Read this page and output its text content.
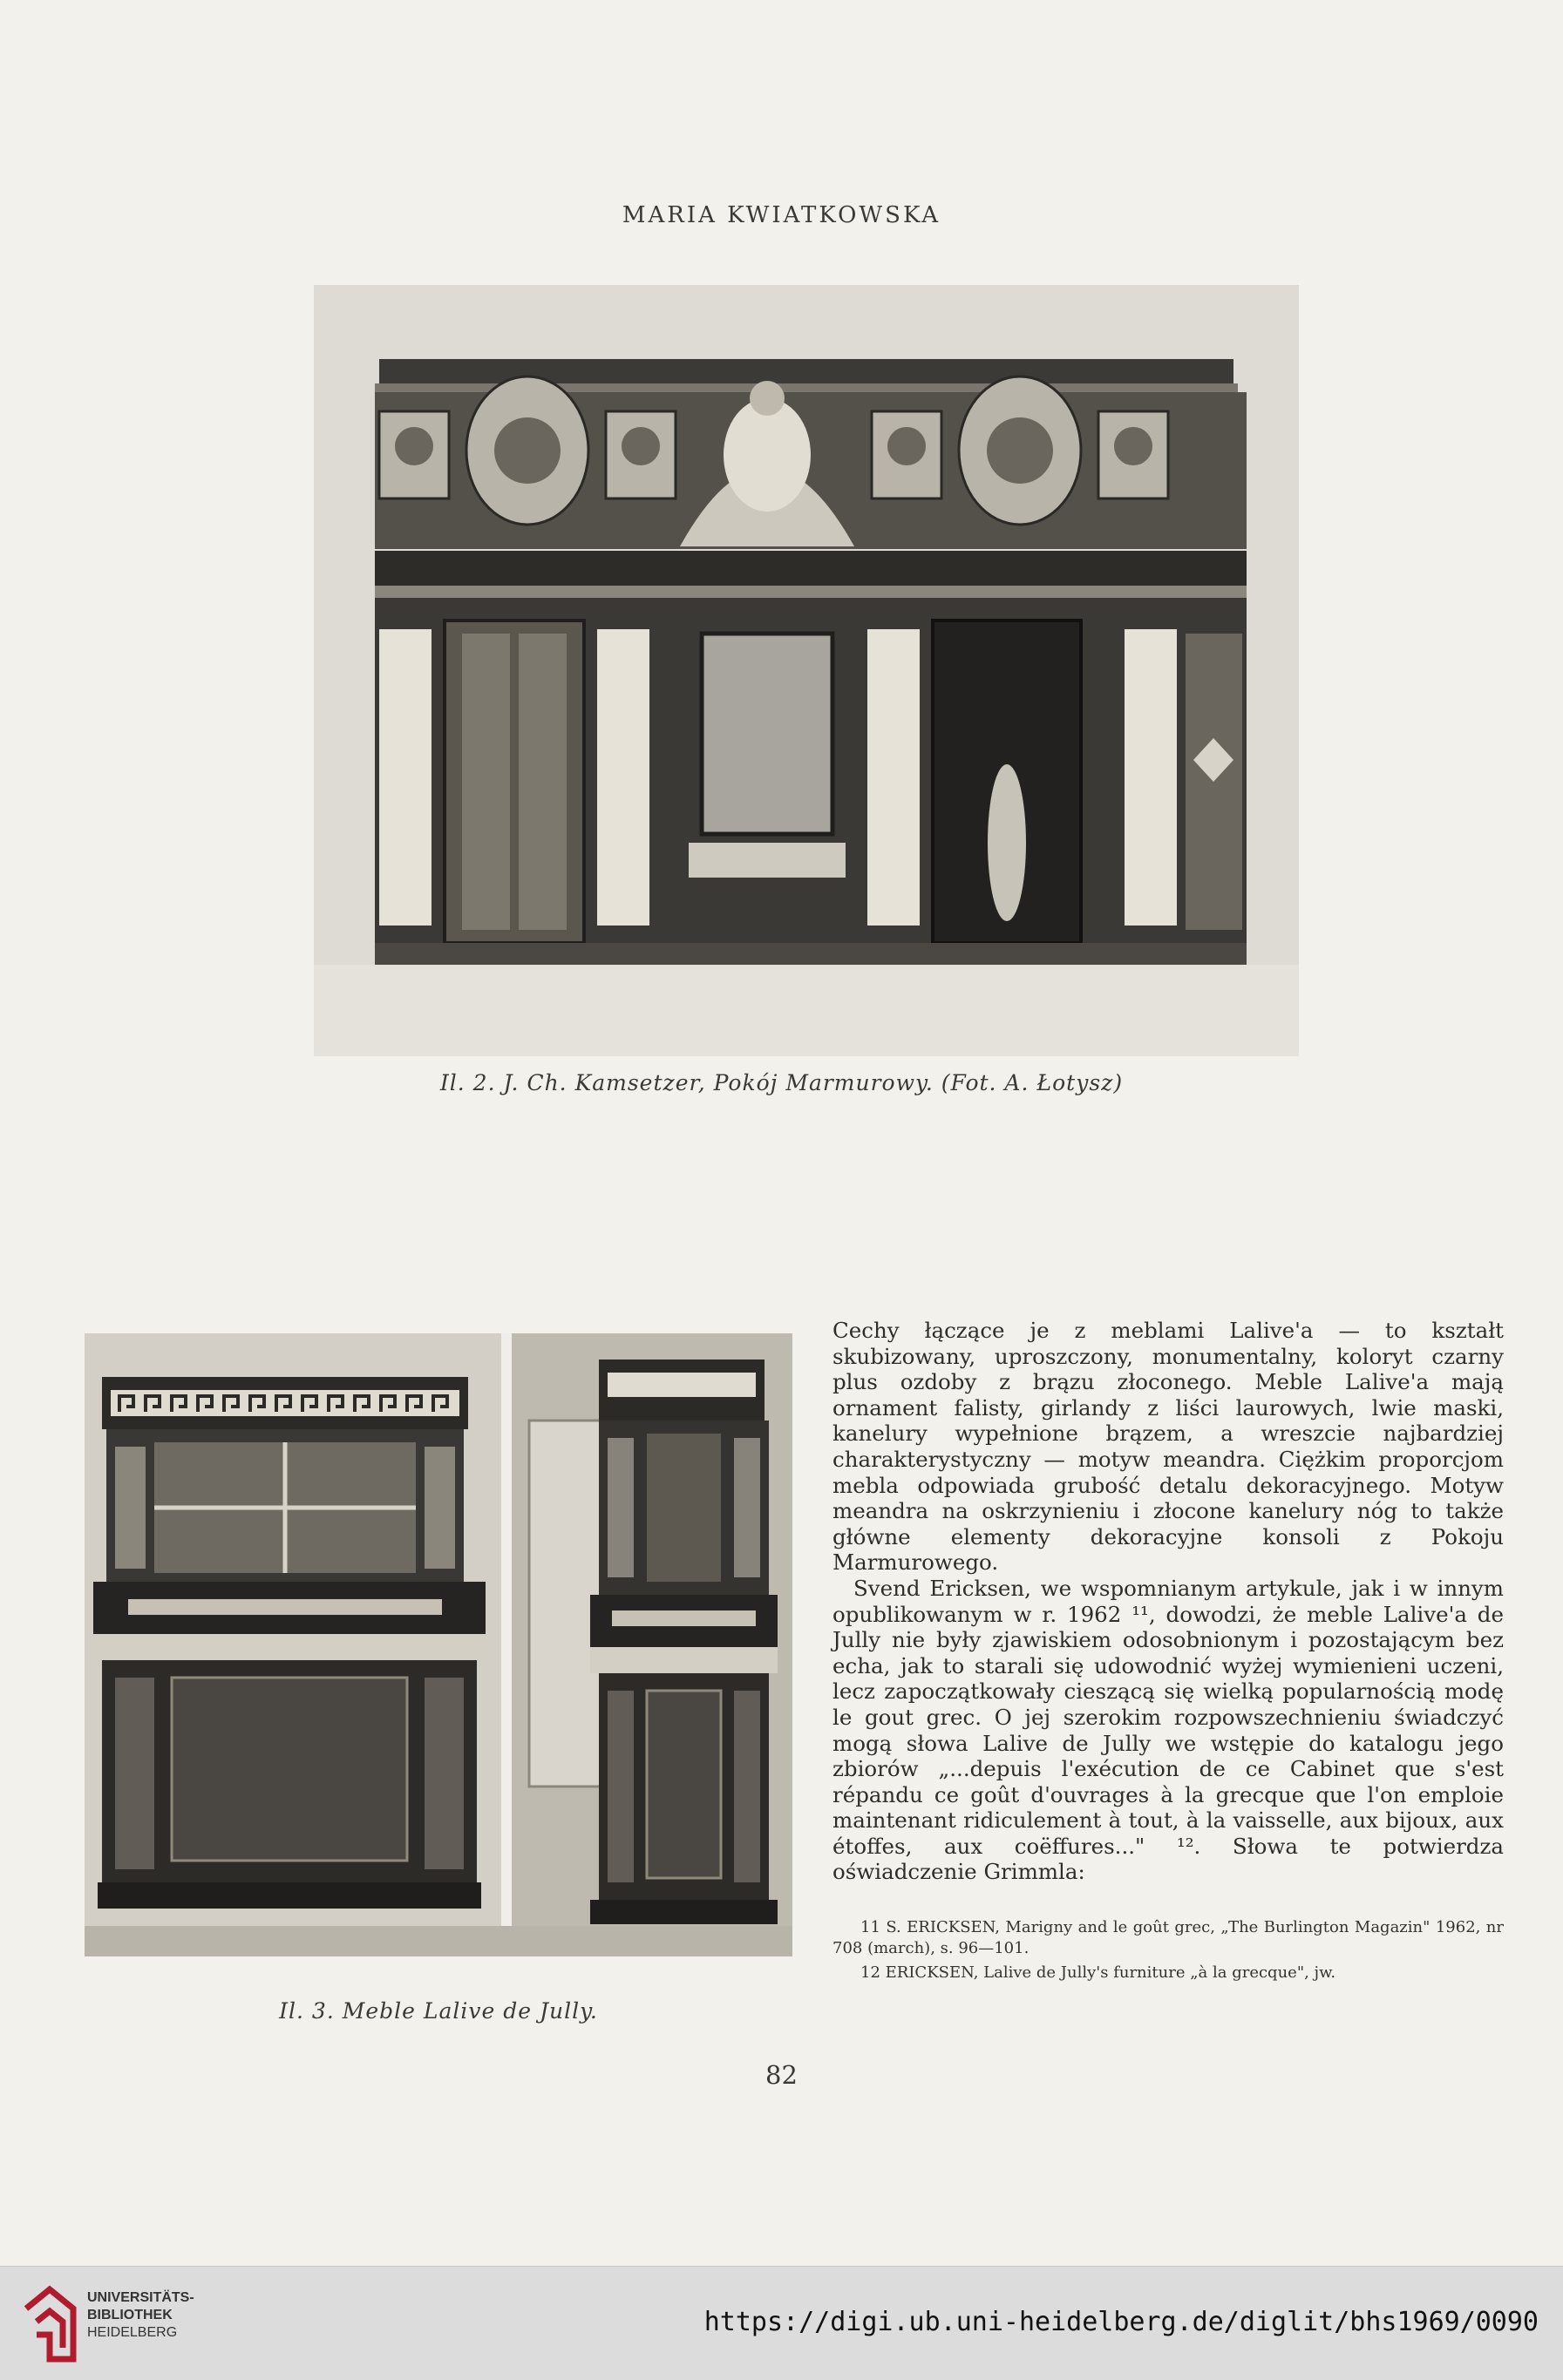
MARIA KWIATKOWSKA
Il. 2. J. Ch. Kamsetzer, Pokój Marmurowy. (Fot. A. Łotysz)
Il. 3. Meble Lalive de Jully.

Cechy łączące je z meblami Lalive'a — to kształt skubizowany, uproszczony, monumentalny, koloryt czarny plus ozdoby z brązu złoconego. Meble Lalive'a mają ornament falisty, girlandy z liści laurowych, lwie maski, kanelury wypełnione brązem, a wreszcie najbardziej charakterystyczny — motyw meandra. Ciężkim proporcjom mebla odpowiada grubość detalu dekoracyjnego. Motyw meandra na oskrzynieniu i złocone kanelury nóg to także główne elementy dekoracyjne konsoli z Pokoju Marmurowego.

Svend Ericksen, we wspomnianym artykule, jak i w innym opublikowanym w r. 1962 ¹¹, dowodzi, że meble Lalive'a de Jully nie były zjawiskiem odosobnionym i pozostającym bez echa, jak to starali się udowodnić wyżej wymienieni uczeni, lecz zapoczątkowały cieszącą się wielką popularnością modę le gout grec. O jej szerokim rozpowszechnieniu świadczyć mogą słowa Lalive de Jully we wstępie do katalogu jego zbiorów „...depuis l'exécution de ce Cabinet que s'est répandu ce goût d'ouvrages à la grecque que l'on emploie maintenant ridiculement à tout, à la vaisselle, aux bijoux, aux étoffes, aux coëffures..." ¹². Słowa te potwierdza oświadczenie Grimmla:

11 S. ERICKSEN, Marigny and le goût grec, „The Burlington Magazin" 1962, nr 708 (march), s. 96—101.

12 ERICKSEN, Lalive de Jully's furniture „à la grecque", jw.

82
UNIVERSITÄTS-
BIBLIOTHEK
HEIDELBERG	https://digi.ub.uni-heidelberg.de/diglit/bhs1969/0090
